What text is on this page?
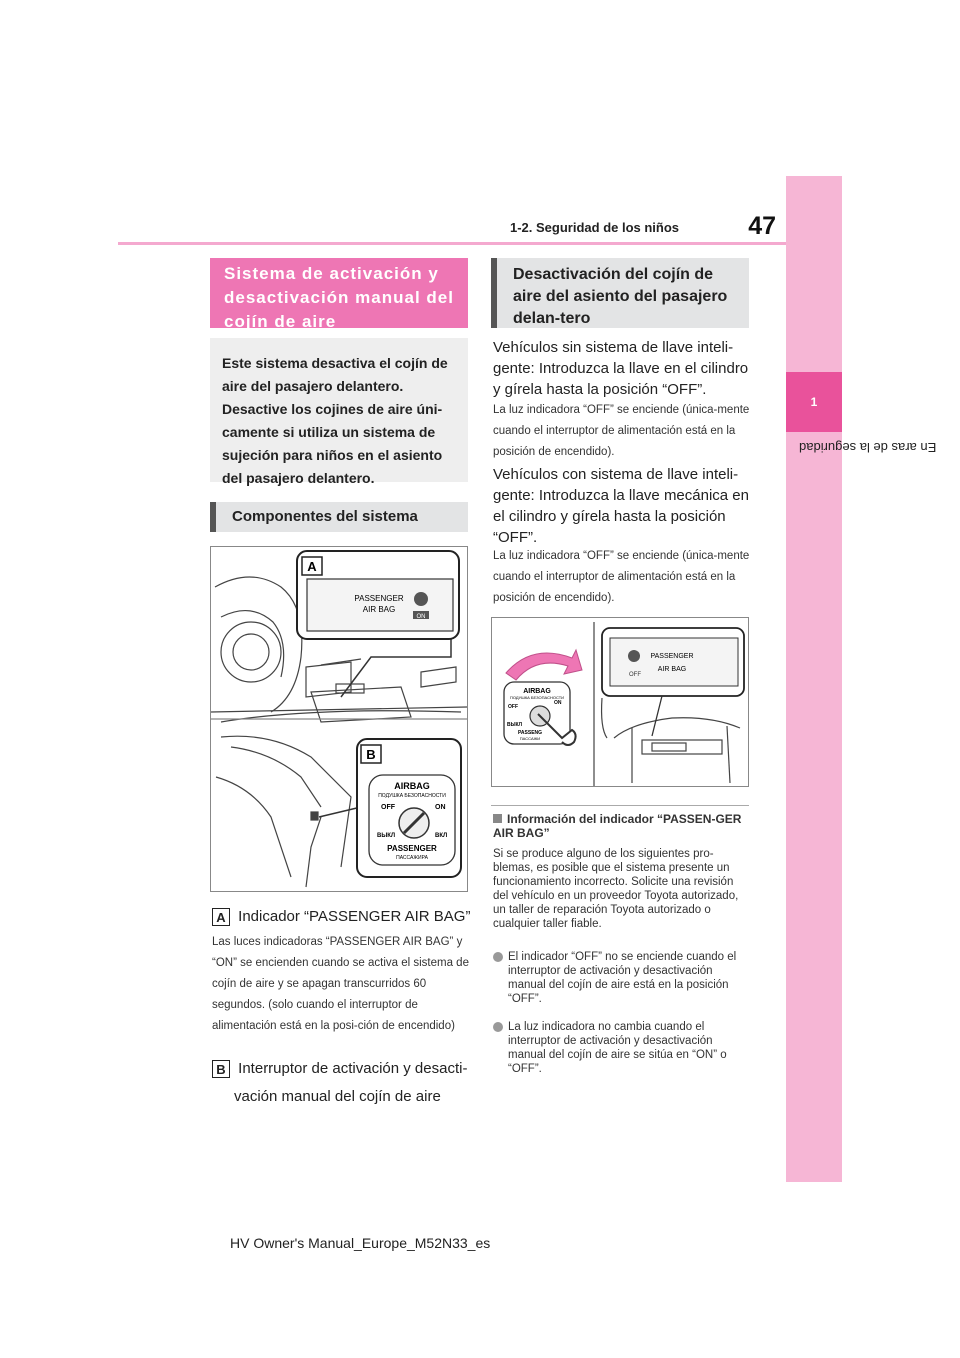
47
1-2. Seguridad de los niños
1
En aras de la seguridad
Sistema de activación y desactivación manual del cojín de aire
Este sistema desactiva el cojín de aire del pasajero delantero. Desactive los cojines de aire úni-camente si utiliza un sistema de sujeción para niños en el asiento del pasajero delantero.
Componentes del sistema
A
PASSENGER
AIR BAG
ON
B
AIRBAG
ПОДУШКА БЕЗОПАСНОСТИ
OFF	ON
ВЫКЛ	ВКЛ
PASSENGER
ПАССАЖИРА
A Indicador “PASSENGER AIR BAG”
Las luces indicadoras “PASSENGER AIR BAG” y “ON” se encienden cuando se activa el sistema de cojín de aire y se apagan transcurridos 60 segundos. (solo cuando el interruptor de alimentación está en la posi-ción de encendido)
B Interruptor de activación y desacti-
vación manual del cojín de aire
Desactivación del cojín de aire del asiento del pasajero delan-tero
Vehículos sin sistema de llave inteli-gente: Introduzca la llave en el cilindro y gírela hasta la posición “OFF”.
La luz indicadora “OFF” se enciende (única-mente cuando el interruptor de alimentación está en la posición de encendido).
Vehículos con sistema de llave inteli-gente: Introduzca la llave mecánica en el cilindro y gírela hasta la posición “OFF”.
La luz indicadora “OFF” se enciende (única-mente cuando el interruptor de alimentación está en la posición de encendido).
OFF
PASSENGER
AIR BAG
AIRBAG
ПОДУШКА БЕЗОПАСНОСТИ
OFF
ON
ВЫКЛ
PASSENG
ПАССАЖИ
Información del indicador “PASSEN-GER AIR BAG”
Si se produce alguno de los siguientes pro-blemas, es posible que el sistema presente un funcionamiento incorrecto. Solicite una revisión del vehículo en un proveedor Toyota autorizado, un taller de reparación Toyota autorizado o cualquier taller fiable.
El indicador “OFF” no se enciende cuando el interruptor de activación y desactivación manual del cojín de aire está en la posición “OFF”.
La luz indicadora no cambia cuando el interruptor de activación y desactivación manual del cojín de aire se sitúa en “ON” o “OFF”.
HV Owner's Manual_Europe_M52N33_es
